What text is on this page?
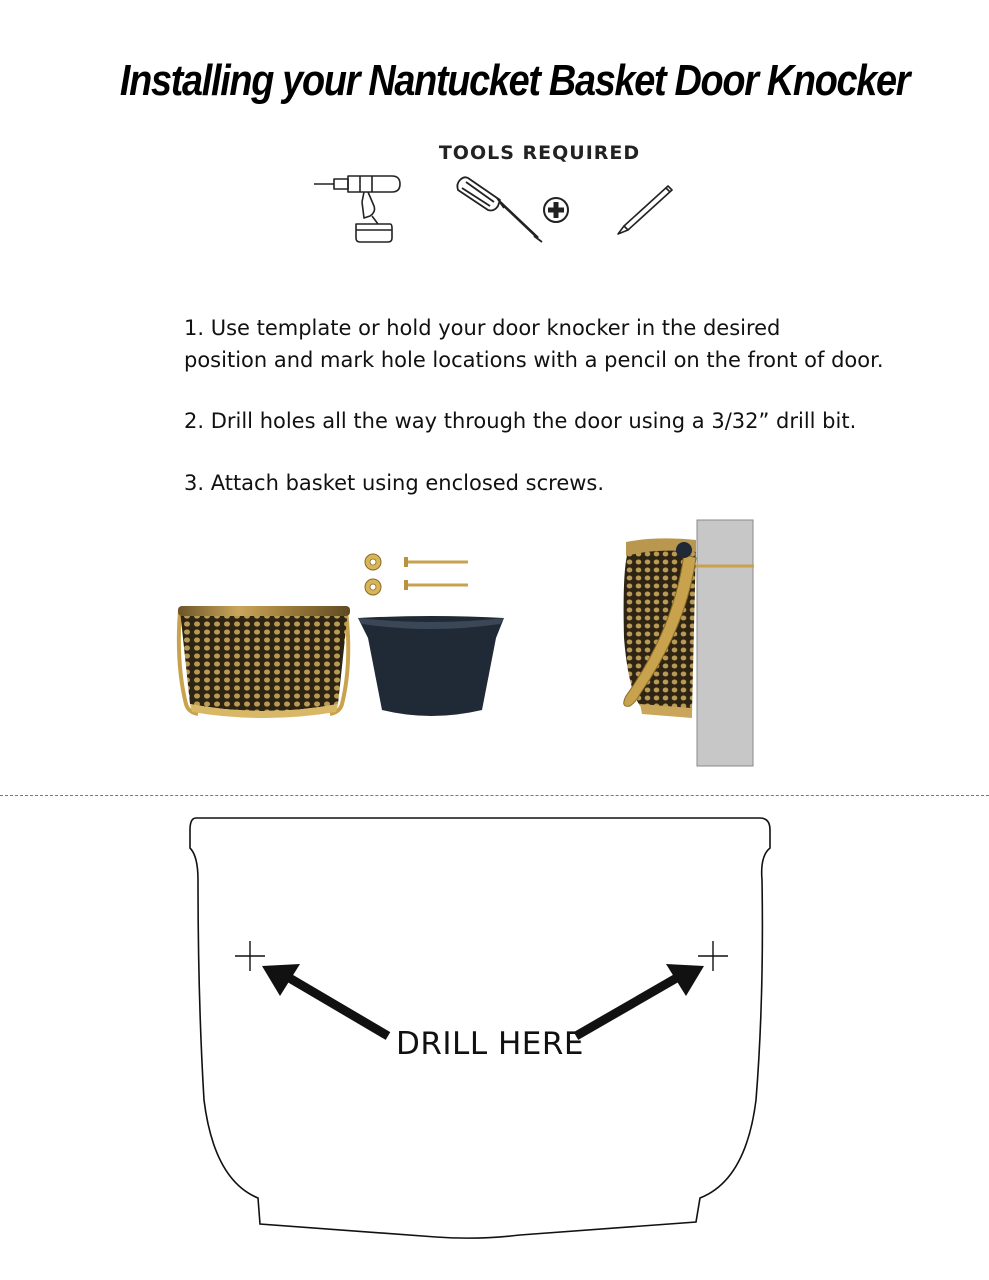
Installing your Nantucket Basket Door Knocker
TOOLS REQUIRED
1. Use template or hold your door knocker in the desired
position and mark hole locations with a pencil on the front of door.
2. Drill holes all the way through the door using a 3/32” drill bit.
3. Attach basket using enclosed screws.
DRILL HERE
